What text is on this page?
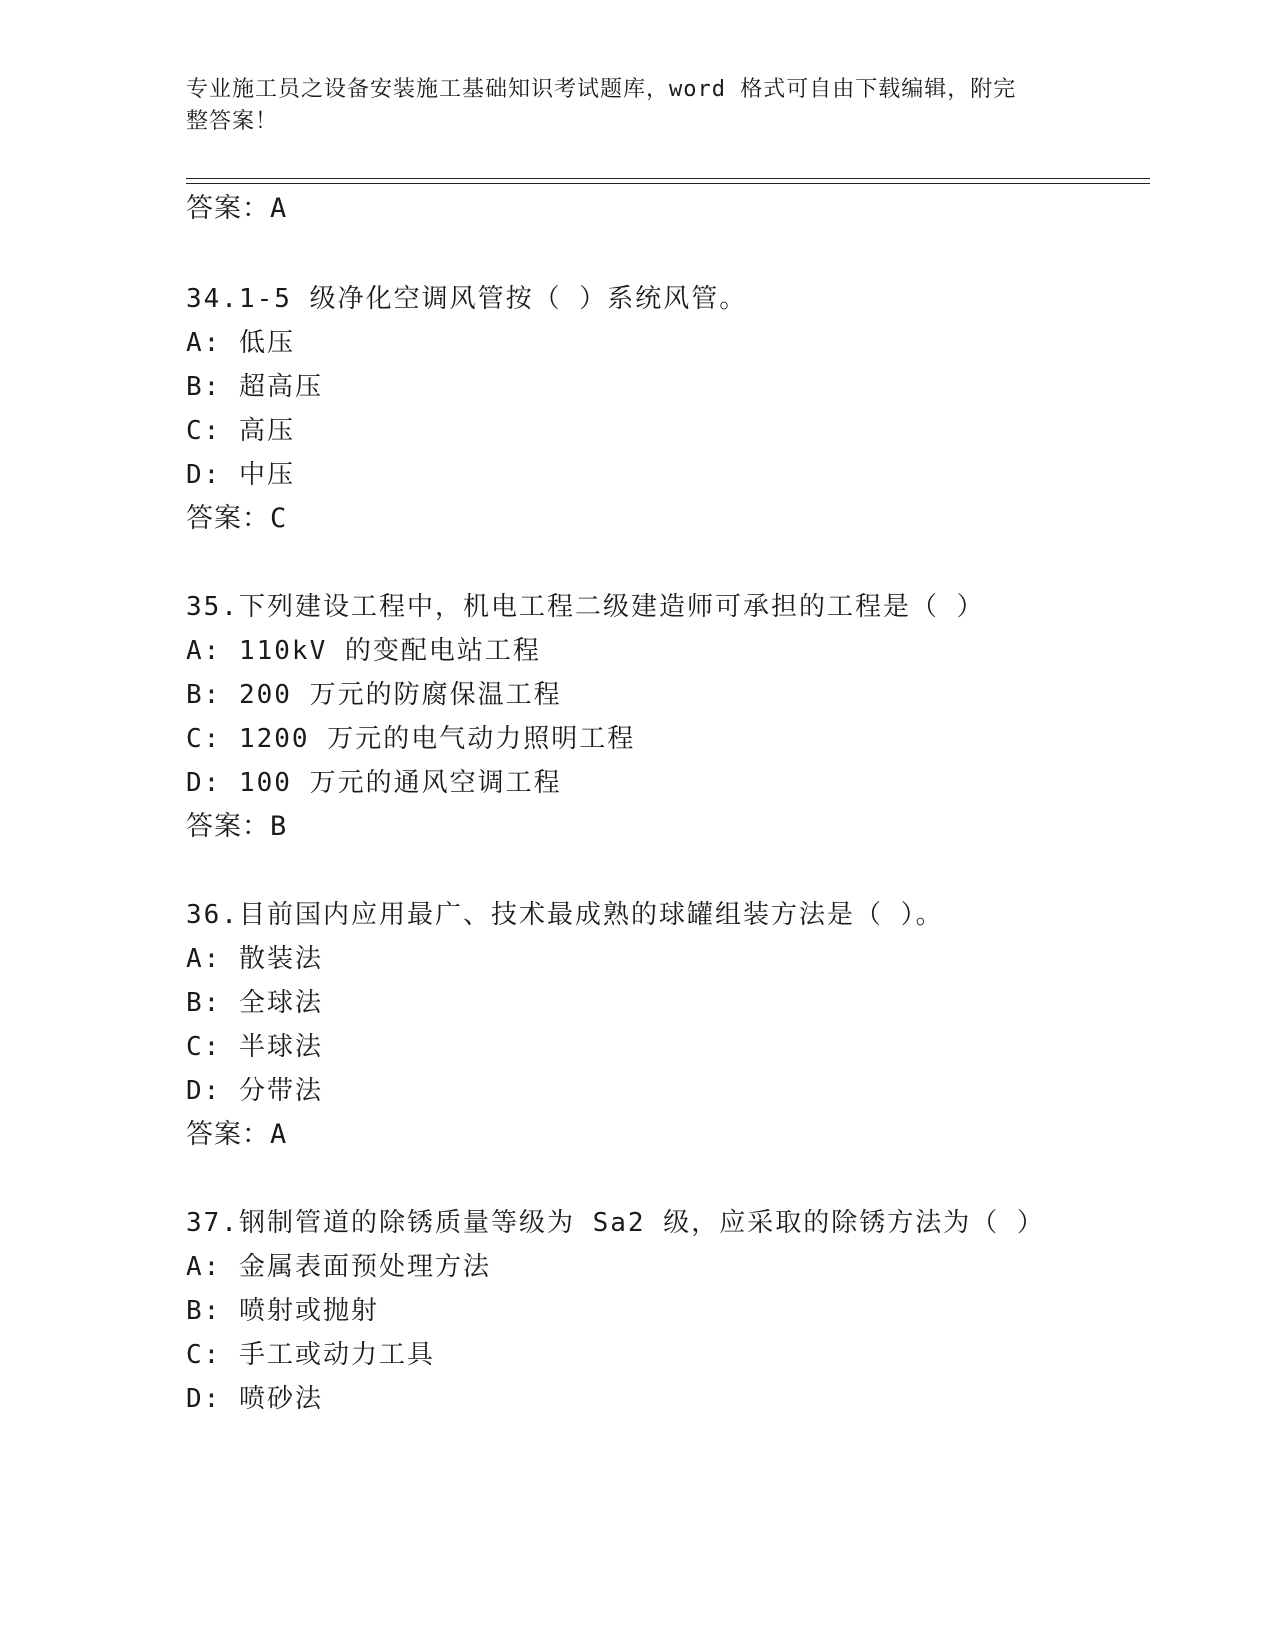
专业施工员之设备安装施工基础知识考试题库，word 格式可自由下载编辑，附完
整答案！
答案：A
34.1-5 级净化空调风管按（ ）系统风管。
A: 低压
B: 超高压
C: 高压
D: 中压
答案：C
35.下列建设工程中，机电工程二级建造师可承担的工程是（ ）
A: 110kV 的变配电站工程
B: 200 万元的防腐保温工程
C: 1200 万元的电气动力照明工程
D: 100 万元的通风空调工程
答案：B
36.目前国内应用最广、技术最成熟的球罐组装方法是（ ）。
A: 散装法
B: 全球法
C: 半球法
D: 分带法
答案：A
37.钢制管道的除锈质量等级为 Sa2 级，应采取的除锈方法为（ ）
A: 金属表面预处理方法
B: 喷射或抛射
C: 手工或动力工具
D: 喷砂法
